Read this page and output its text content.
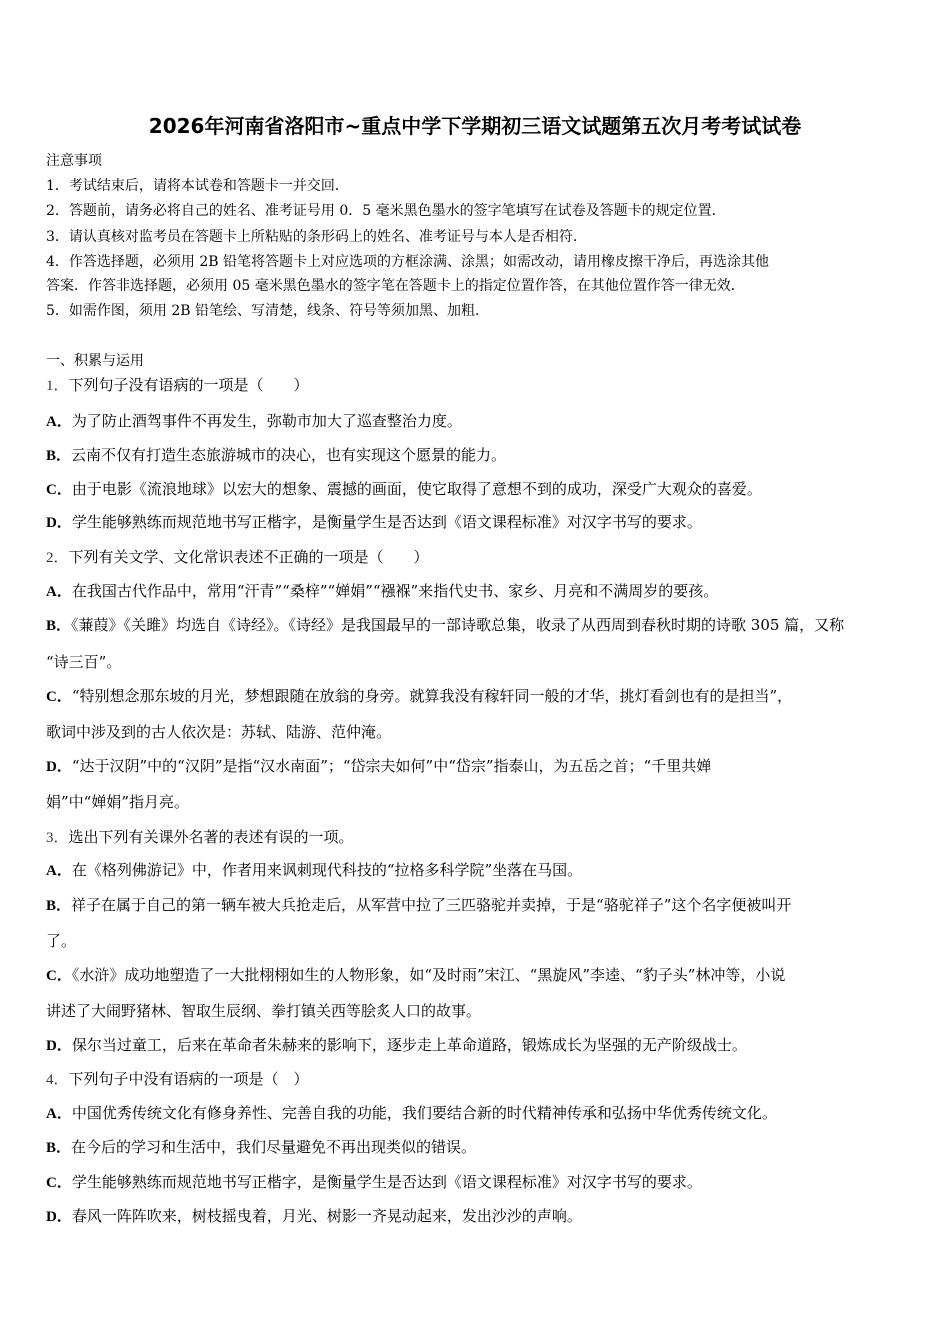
2026年河南省洛阳市~重点中学下学期初三语文试题第五次月考考试试卷
注意事项
1．考试结束后，请将本试卷和答题卡一并交回．
2．答题前，请务必将自己的姓名、准考证号用 0．5 毫米黑色墨水的签字笔填写在试卷及答题卡的规定位置．
3．请认真核对监考员在答题卡上所粘贴的条形码上的姓名、准考证号与本人是否相符．
4．作答选择题，必须用 2B 铅笔将答题卡上对应选项的方框涂满、涂黑；如需改动，请用橡皮擦干净后，再选涂其他
答案．作答非选择题，必须用 05 毫米黑色墨水的签字笔在答题卡上的指定位置作答，在其他位置作答一律无效．
5．如需作图，须用 2B 铅笔绘、写清楚，线条、符号等须加黑、加粗．
一、积累与运用
1．下列句子没有语病的一项是（　　）
A．为了防止酒驾事件不再发生，弥勒市加大了巡查整治力度。
B．云南不仅有打造生态旅游城市的决心，也有实现这个愿景的能力。
C．由于电影《流浪地球》以宏大的想象、震撼的画面，使它取得了意想不到的成功，深受广大观众的喜爱。
D．学生能够熟练而规范地书写正楷字，是衡量学生是否达到《语文课程标准》对汉字书写的要求。
2．下列有关文学、文化常识表述不正确的一项是（　　）
A．在我国古代作品中，常用“汗青”“桑梓”“婵娟”“襁褓”来指代史书、家乡、月亮和不满周岁的要孩。
B．《蒹葭》《关雎》均选自《诗经》。《诗经》是我国最早的一部诗歌总集，收录了从西周到春秋时期的诗歌 305 篇，又称
“诗三百”。
C．“特别想念那东坡的月光，梦想跟随在放翁的身旁。就算我没有稼轩同一般的才华，挑灯看剑也有的是担当”，
歌词中涉及到的古人依次是：苏轼、陆游、范仲淹。
D．“达于汉阴”中的“汉阴”是指“汉水南面”；“岱宗夫如何”中“岱宗”指泰山，为五岳之首；“千里共婵
娟”中“婵娟”指月亮。
3．选出下列有关课外名著的表述有误的一项。
A．在《格列佛游记》中，作者用来讽刺现代科技的“拉格多科学院”坐落在马国。
B．祥子在属于自己的第一辆车被大兵抢走后，从军营中拉了三匹骆驼并卖掉，于是“骆驼祥子”这个名字便被叫开
了。
C．《水浒》成功地塑造了一大批栩栩如生的人物形象，如“及时雨”宋江、“黑旋风”李逵、“豹子头”林冲等，小说
讲述了大闹野猪林、智取生辰纲、拳打镇关西等脍炙人口的故事。
D．保尔当过童工，后来在革命者朱赫来的影响下，逐步走上革命道路，锻炼成长为坚强的无产阶级战士。
4．下列句子中没有语病的一项是（　）
A．中国优秀传统文化有修身养性、完善自我的功能，我们要结合新的时代精神传承和弘扬中华优秀传统文化。
B．在今后的学习和生活中，我们尽量避免不再出现类似的错误。
C．学生能够熟练而规范地书写正楷字，是衡量学生是否达到《语文课程标准》对汉字书写的要求。
D．春风一阵阵吹来，树枝摇曳着，月光、树影一齐晃动起来，发出沙沙的声响。
